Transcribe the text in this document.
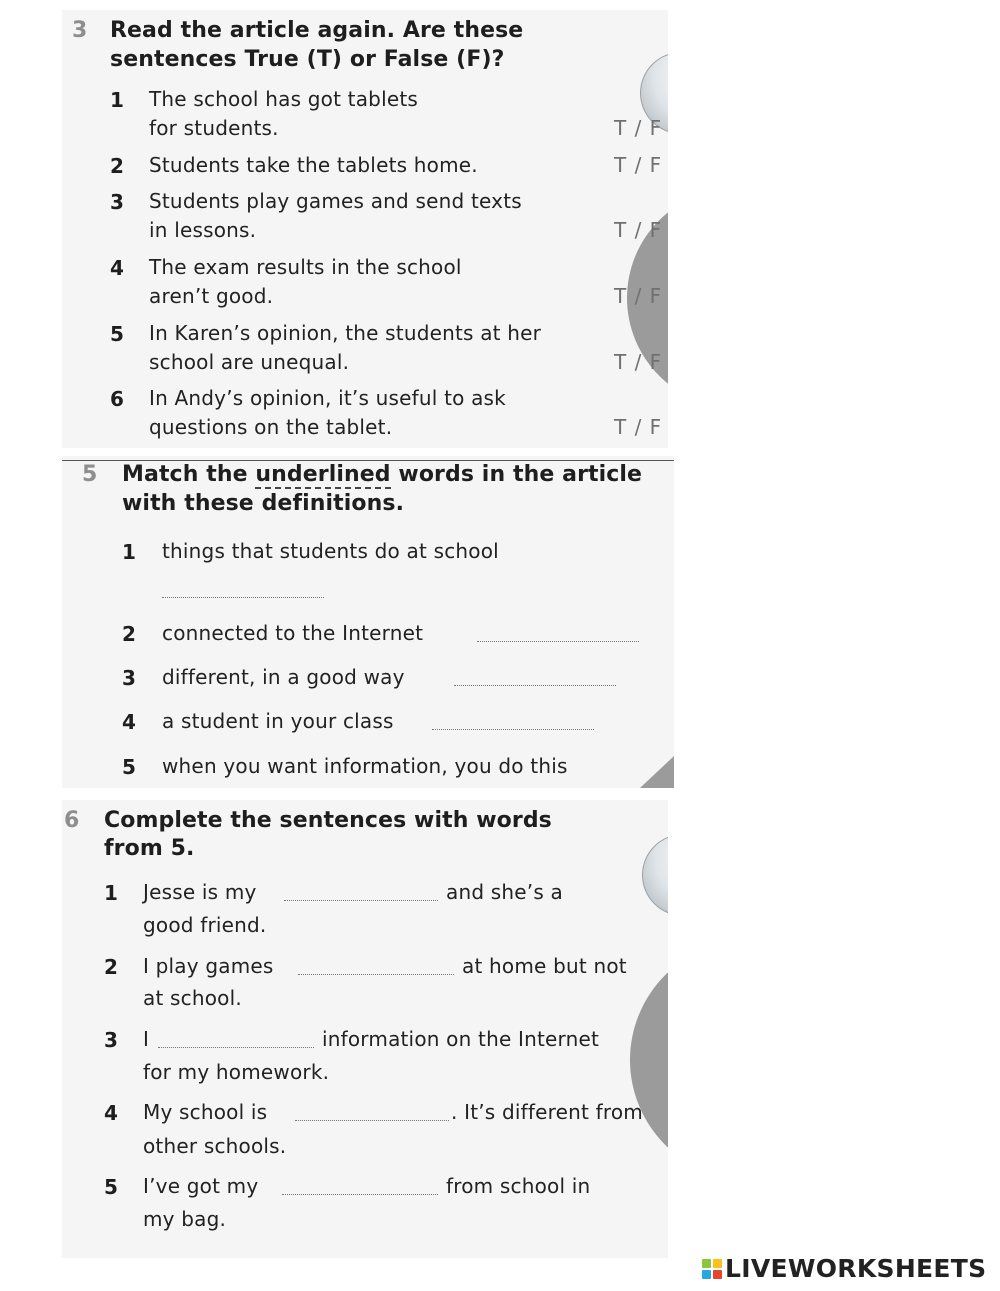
3 Read the article again. Are these
sentences True (T) or False (F)?
1 The school has got tablets
for students.	T / F
2 Students take the tablets home.	T / F
3 Students play games and send texts
in lessons.	T / F
4 The exam results in the school
aren’t good.	T / F
5 In Karen’s opinion, the students at her
school are unequal.	T / F
6 In Andy’s opinion, it’s useful to ask
questions on the tablet.	T / F
5 Match the underlined words in the article
with these definitions.
1 things that students do at school
2 connected to the Internet
3 different, in a good way
4 a student in your class
5 when you want information, you do this
6 Complete the sentences with words
from 5.
1 Jesse is my	and she’s a
good friend.
2 I play games	at home but not
at school.
3 I	information on the Internet
for my homework.
4 My school is	. It’s different from
other schools.
5 I’ve got my	from school in
my bag.
LIVEWORKSHEETS
